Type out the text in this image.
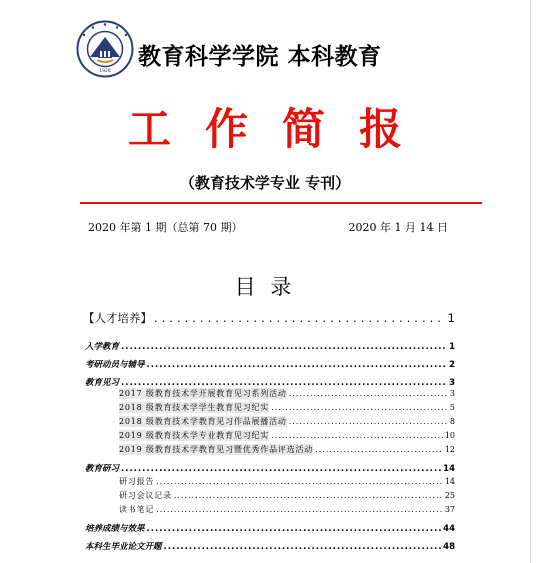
1928
教育科学学院 本科教育
工作简报
（教育技术学专业 专刊）
2020 年第 1 期（总第 70 期）	2020 年 1 月 14 日
目 录
【人才培养】 .....	1
入学教育 .....	1
考研动员与辅导 .....	2
教育见习 .....	3
2017 级教育技术学开展教育见习系列活动 .....	3
2018 级教育技术学学生教育见习纪实 .....	5
2018 级教育技术学教育见习作品展播活动 .....	8
2019 级教育技术学专业教育见习纪实 .....	10
2019 级教育技术学教育见习暨优秀作品评选活动 .....	12
教育研习 .....	14
研习报告 .....	14
研习会议记录 .....	25
读书笔记 .....	37
培养成绩与效果 .....	44
本科生毕业论文开题 .....	48
